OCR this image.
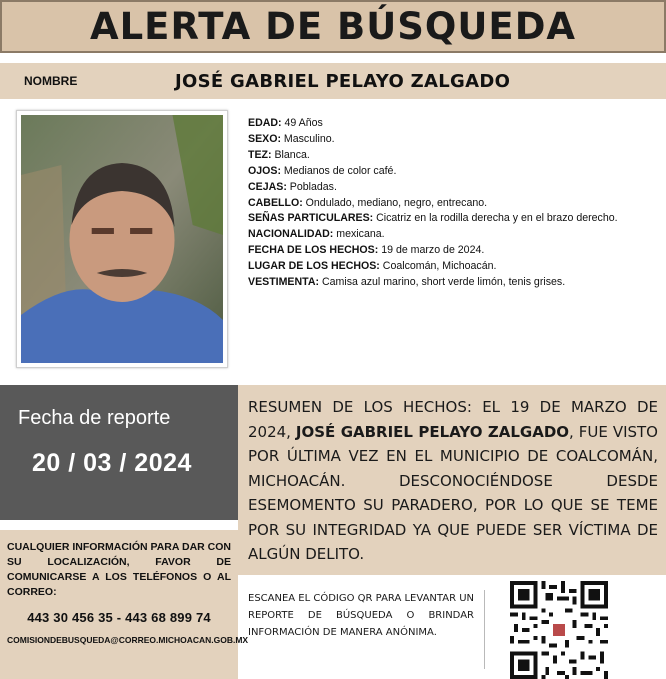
ALERTA DE BÚSQUEDA
NOMBRE	JOSÉ GABRIEL PELAYO ZALGADO
EDAD: 49 Años
SEXO: Masculino.
TEZ: Blanca.
OJOS: Medianos de color café.
CEJAS: Pobladas.
CABELLO: Ondulado, mediano, negro, entrecano.
SEÑAS PARTICULARES: Cicatriz en la rodilla derecha y en el brazo derecho.
NACIONALIDAD: mexicana.
FECHA DE LOS HECHOS: 19 de marzo de 2024.
LUGAR DE LOS HECHOS: Coalcomán, Michoacán.
VESTIMENTA: Camisa azul marino, short verde limón, tenis grises.
Fecha de reporte
20 / 03 / 2024

RESUMEN DE LOS HECHOS: EL 19 DE MARZO DE 2024, JOSÉ GABRIEL PELAYO ZALGADO, FUE VISTO POR ÚLTIMA VEZ EN EL MUNICIPIO DE COALCOMÁN, MICHOACÁN. DESCONOCIÉNDOSE DESDE ESEMOMENTO SU PARADERO, POR LO QUE SE TEME POR SU INTEGRIDAD YA QUE PUEDE SER VÍCTIMA DE ALGÚN DELITO.

CUALQUIER INFORMACIÓN PARA DAR CON SU LOCALIZACIÓN, FAVOR DE COMUNICARSE A LOS TELÉFONOS O AL CORREO:

443 30 456 35 - 443 68 899 74
COMISIONDEBUSQUEDA@CORREO.MICHOACAN.GOB.MX

ESCANEA EL CÓDIGO QR PARA LEVANTAR UN REPORTE DE BÚSQUEDA O BRINDAR INFORMACIÓN DE MANERA ANÓNIMA.
